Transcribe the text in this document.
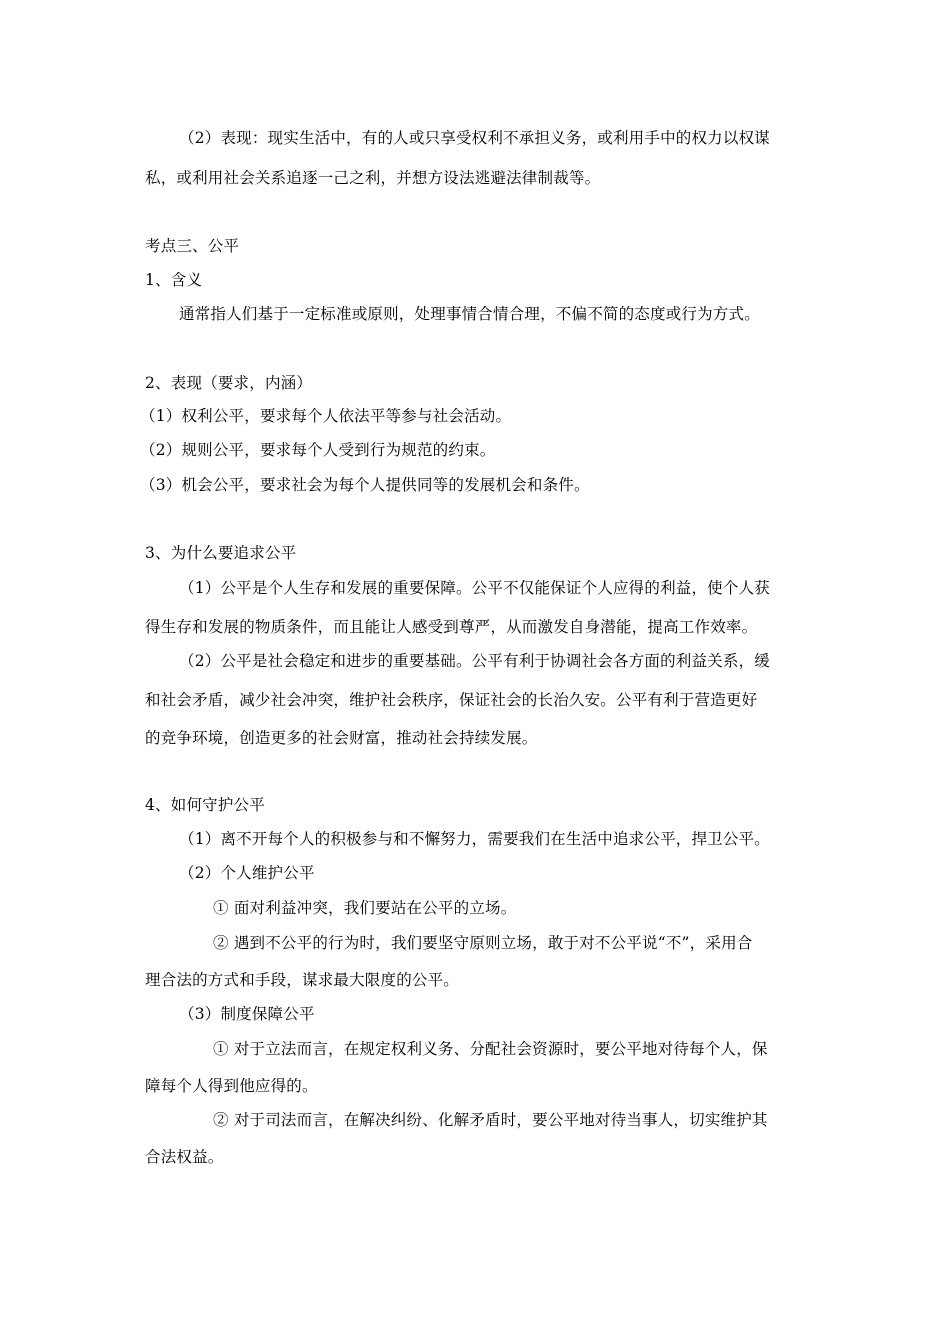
（2）表现：现实生活中，有的人或只享受权利不承担义务，或利用手中的权力以权谋

私，或利用社会关系追逐一己之利，并想方设法逃避法律制裁等。

考点三、公平

1、含义

通常指人们基于一定标准或原则，处理事情合情合理，不偏不简的态度或行为方式。

2、表现（要求，内涵）

（1）权利公平，要求每个人依法平等参与社会活动。

（2）规则公平，要求每个人受到行为规范的约束。

（3）机会公平，要求社会为每个人提供同等的发展机会和条件。

3、为什么要追求公平

（1）公平是个人生存和发展的重要保障。公平不仅能保证个人应得的利益，使个人获

得生存和发展的物质条件，而且能让人感受到尊严，从而激发自身潜能，提高工作效率。

（2）公平是社会稳定和进步的重要基础。公平有利于协调社会各方面的利益关系，缓

和社会矛盾，减少社会冲突，维护社会秩序，保证社会的长治久安。公平有利于营造更好

的竞争环境，创造更多的社会财富，推动社会持续发展。

4、如何守护公平

（1）离不开每个人的积极参与和不懈努力，需要我们在生活中追求公平，捍卫公平。

（2）个人维护公平

① 面对利益冲突，我们要站在公平的立场。

② 遇到不公平的行为时，我们要坚守原则立场，敢于对不公平说“不”，采用合

理合法的方式和手段，谋求最大限度的公平。

（3）制度保障公平

① 对于立法而言，在规定权利义务、分配社会资源时，要公平地对待每个人，保

障每个人得到他应得的。

② 对于司法而言，在解决纠纷、化解矛盾时，要公平地对待当事人，切实维护其

合法权益。
